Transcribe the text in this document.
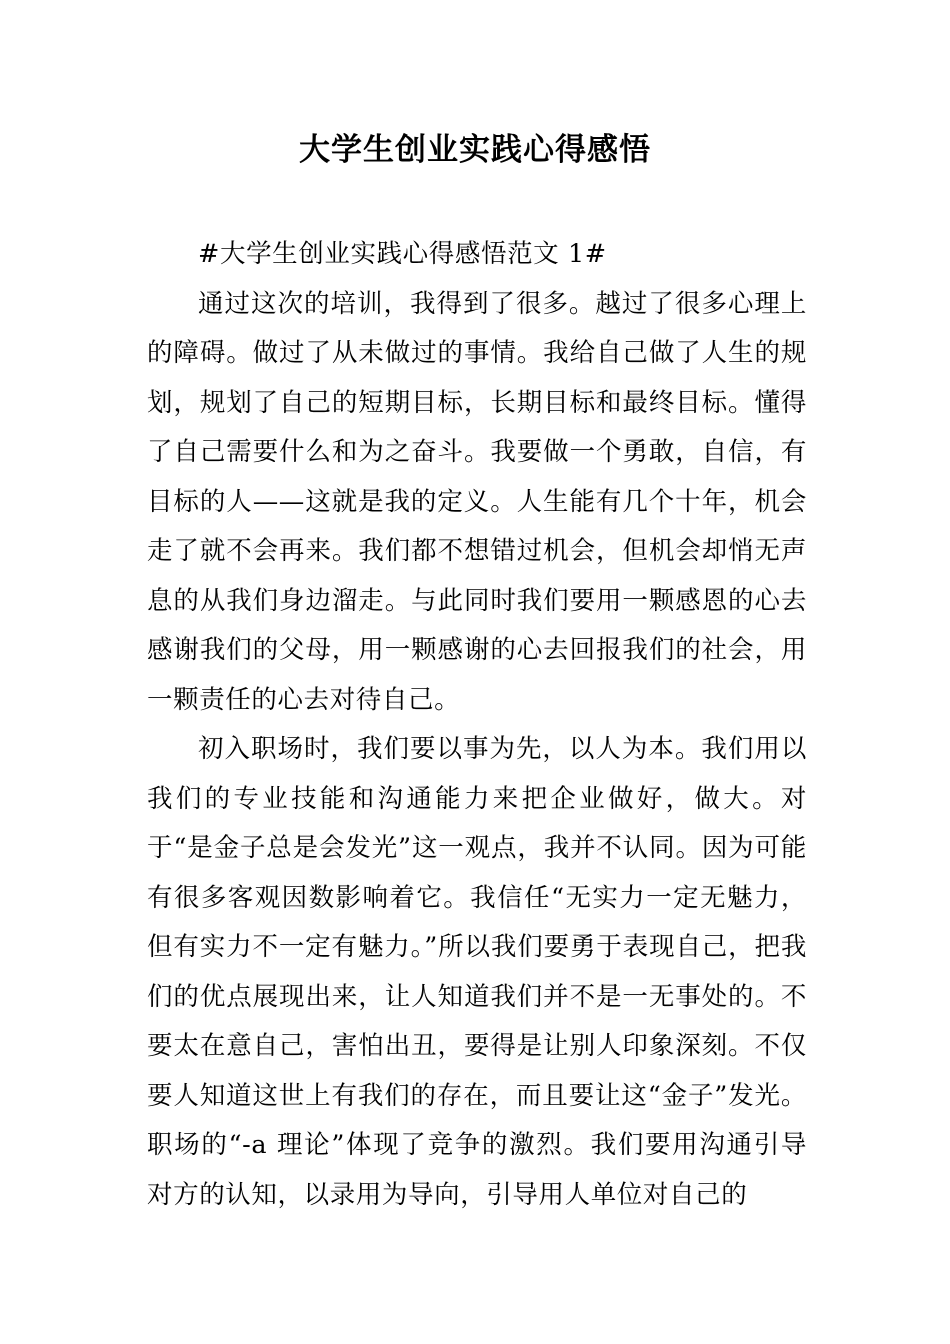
大学生创业实践心得感悟

#大学生创业实践心得感悟范文 1#

通过这次的培训，我得到了很多。越过了很多心理上的障碍。做过了从未做过的事情。我给自己做了人生的规划，规划了自己的短期目标，长期目标和最终目标。懂得了自己需要什么和为之奋斗。我要做一个勇敢，自信，有目标的人——这就是我的定义。人生能有几个十年，机会走了就不会再来。我们都不想错过机会，但机会却悄无声息的从我们身边溜走。与此同时我们要用一颗感恩的心去感谢我们的父母，用一颗感谢的心去回报我们的社会，用一颗责任的心去对待自己。

初入职场时，我们要以事为先，以人为本。我们用以我们的专业技能和沟通能力来把企业做好，做大。对于“是金子总是会发光”这一观点，我并不认同。因为可能有很多客观因数影响着它。我信任“无实力一定无魅力，但有实力不一定有魅力。”所以我们要勇于表现自己，把我们的优点展现出来，让人知道我们并不是一无事处的。不要太在意自己，害怕出丑，要得是让别人印象深刻。不仅要人知道这世上有我们的存在，而且要让这“金子”发光。职场的“-a 理论”体现了竞争的激烈。我们要用沟通引导对方的认知，以录用为导向，引导用人单位对自己的
